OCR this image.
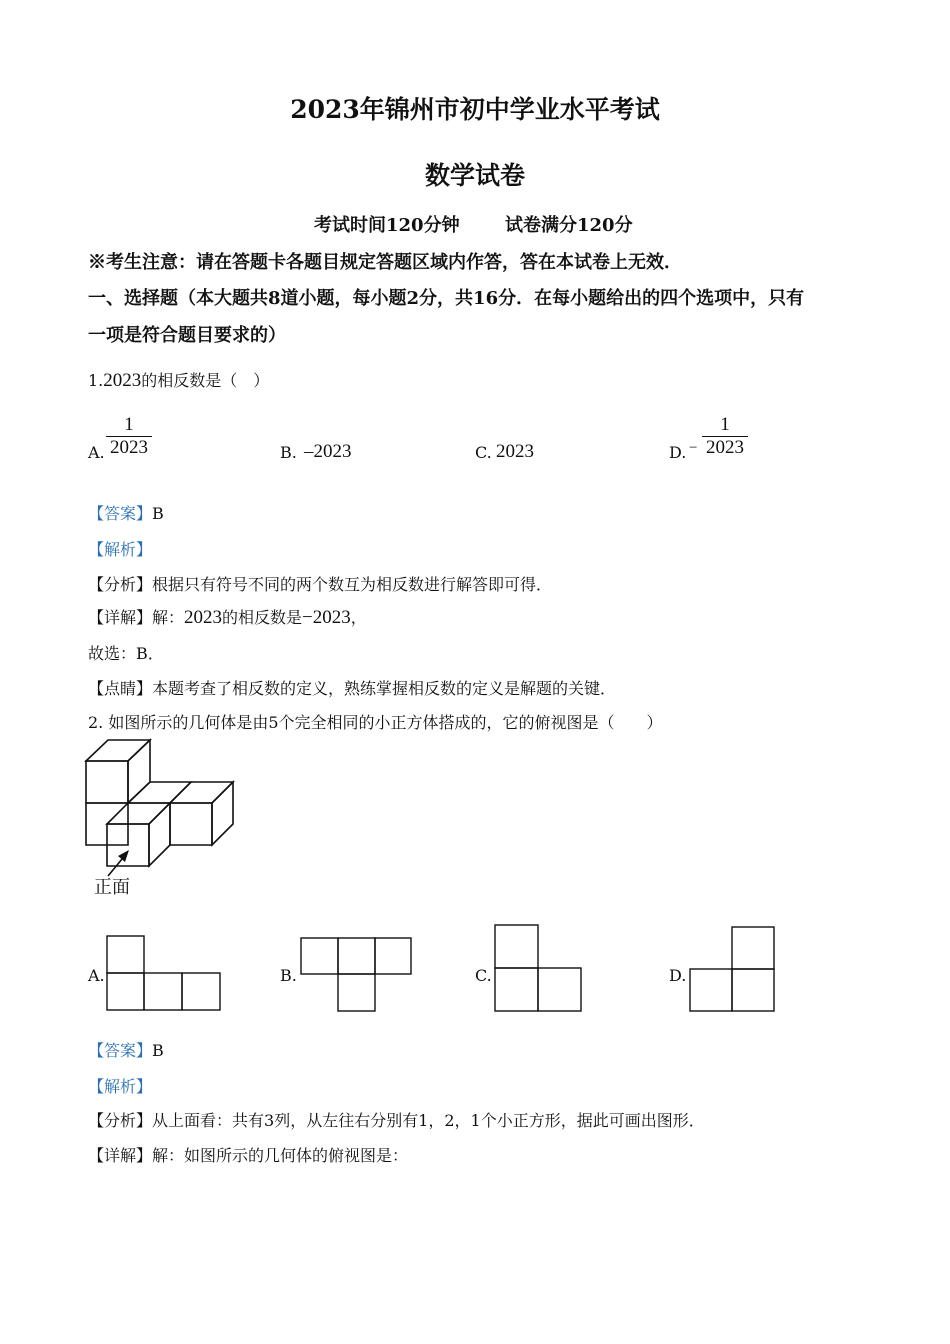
2023年锦州市初中学业水平考试
数学试卷
考试时间120分钟	试卷满分120分
※考生注意：请在答题卡各题目规定答题区域内作答，答在本试卷上无效．
一、选择题（本大题共8道小题，每小题2分，共16分．在每小题给出的四个选项中，只有
一项是符合题目要求的）
1.2023的相反数是（　）
A. $\frac{1}{2023}$	B. –2023	C. 2023	D. − $\frac{1}{2023}$
【答案】B
【解析】
【分析】根据只有符号不同的两个数互为相反数进行解答即可得．
【详解】解：2023的相反数是−2023，
故选：B．
【点睛】本题考查了相反数的定义，熟练掌握相反数的定义是解题的关键．
2. 如图所示的几何体是由5个完全相同的小正方体搭成的，它的俯视图是（　　）
正面
A.	B.	C.	D.
【答案】B
【解析】
【分析】从上面看：共有3列，从左往右分别有1，2，1个小正方形，据此可画出图形．
【详解】解：如图所示的几何体的俯视图是：
